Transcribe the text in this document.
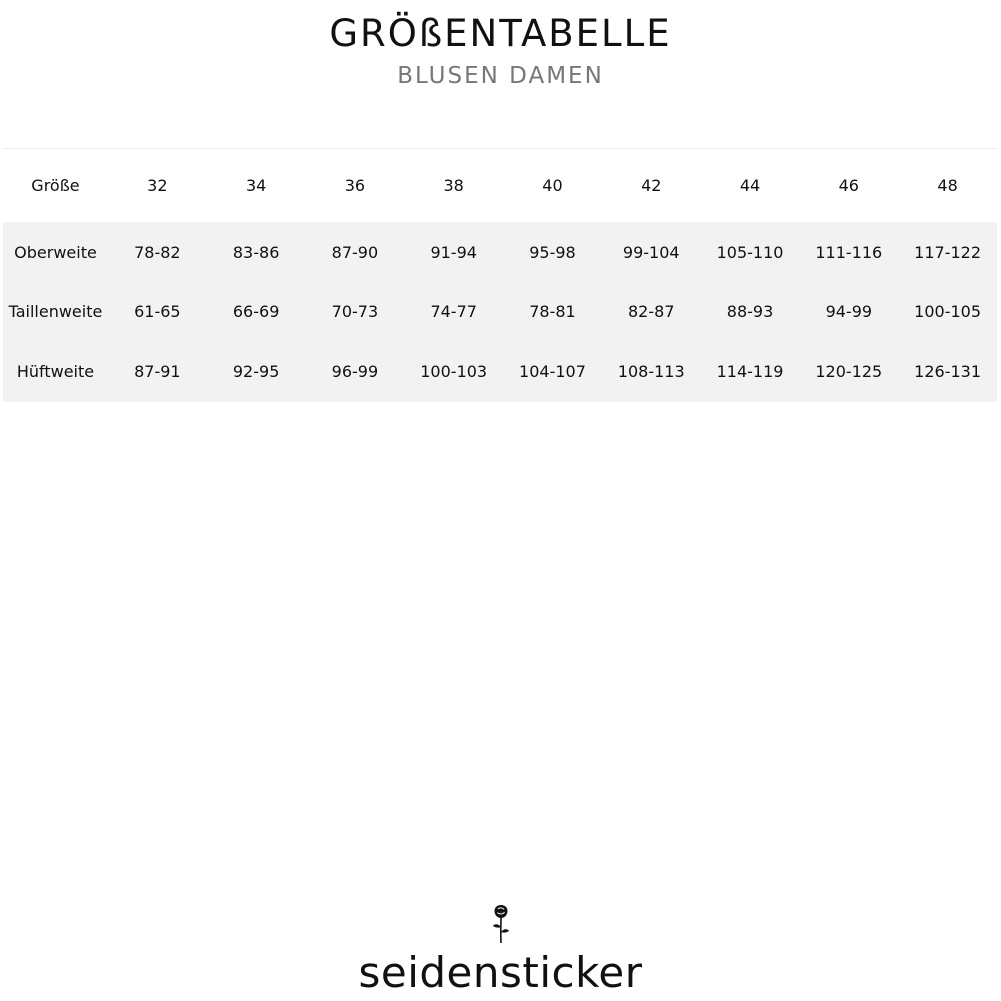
GRÖßENTABELLE
BLUSEN DAMEN
Größe	32	34	36	38	40	42	44	46	48
Oberweite	78-82	83-86	87-90	91-94	95-98	99-104	105-110	111-116	117-122
Taillenweite	61-65	66-69	70-73	74-77	78-81	82-87	88-93	94-99	100-105
Hüftweite	87-91	92-95	96-99	100-103	104-107	108-113	114-119	120-125	126-131
seidensticker
